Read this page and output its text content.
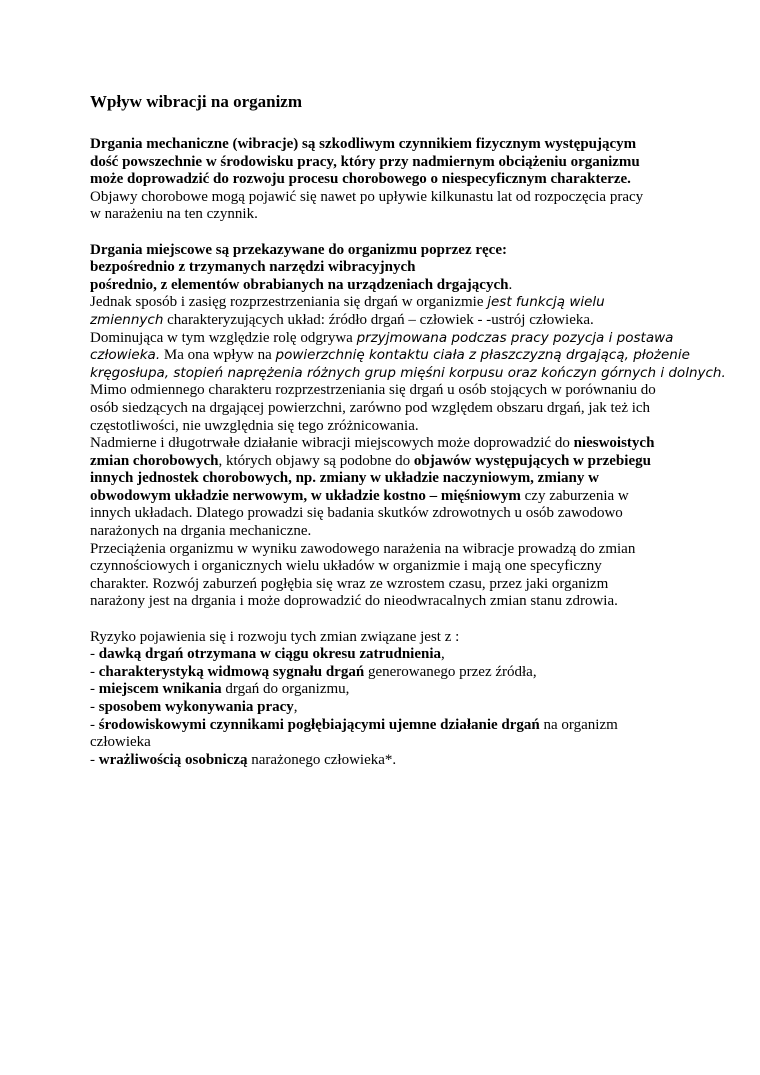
Wpływ wibracji na organizm

Drgania mechaniczne (wibracje) są szkodliwym czynnikiem fizycznym występującym
dość powszechnie w środowisku pracy, który przy nadmiernym obciążeniu organizmu
może doprowadzić do rozwoju procesu chorobowego o niespecyficznym charakterze.
Objawy chorobowe mogą pojawić się nawet po upływie kilkunastu lat od rozpoczęcia pracy
w narażeniu na ten czynnik.

Drgania miejscowe są przekazywane do organizmu poprzez ręce:
bezpośrednio z trzymanych narzędzi wibracyjnych
pośrednio, z elementów obrabianych na urządzeniach drgających.
Jednak sposób i zasięg rozprzestrzeniania się drgań w organizmie jest funkcją wielu
zmiennych charakteryzujących układ: źródło drgań – człowiek - -ustrój człowieka.
Dominująca w tym względzie rolę odgrywa przyjmowana podczas pracy pozycja i postawa
człowieka. Ma ona wpływ na powierzchnię kontaktu ciała z płaszczyzną drgającą, płożenie
kręgosłupa, stopień naprężenia różnych grup mięśni korpusu oraz kończyn górnych i dolnych.
Mimo odmiennego charakteru rozprzestrzeniania się drgań u osób stojących w porównaniu do
osób siedzących na drgającej powierzchni, zarówno pod względem obszaru drgań, jak też ich
częstotliwości, nie uwzględnia się tego zróżnicowania.
Nadmierne i długotrwałe działanie wibracji miejscowych może doprowadzić do nieswoistych
zmian chorobowych, których objawy są podobne do objawów występujących w przebiegu
innych jednostek chorobowych, np. zmiany w układzie naczyniowym, zmiany w
obwodowym układzie nerwowym, w układzie kostno – mięśniowym czy zaburzenia w
innych układach. Dlatego prowadzi się badania skutków zdrowotnych u osób zawodowo
narażonych na drgania mechaniczne.
Przeciążenia organizmu w wyniku zawodowego narażenia na wibracje prowadzą do zmian
czynnościowych i organicznych wielu układów w organizmie i mają one specyficzny
charakter. Rozwój zaburzeń pogłębia się wraz ze wzrostem czasu, przez jaki organizm
narażony jest na drgania i może doprowadzić do nieodwracalnych zmian stanu zdrowia.

Ryzyko pojawienia się i rozwoju tych zmian związane jest z :

- dawką drgań otrzymana w ciągu okresu zatrudnienia,
- charakterystyką widmową sygnału drgań generowanego przez źródła,
- miejscem wnikania drgań do organizmu,
- sposobem wykonywania pracy,
- środowiskowymi czynnikami pogłębiającymi ujemne działanie drgań na organizm
człowieka
- wrażliwością osobniczą narażonego człowieka*.
